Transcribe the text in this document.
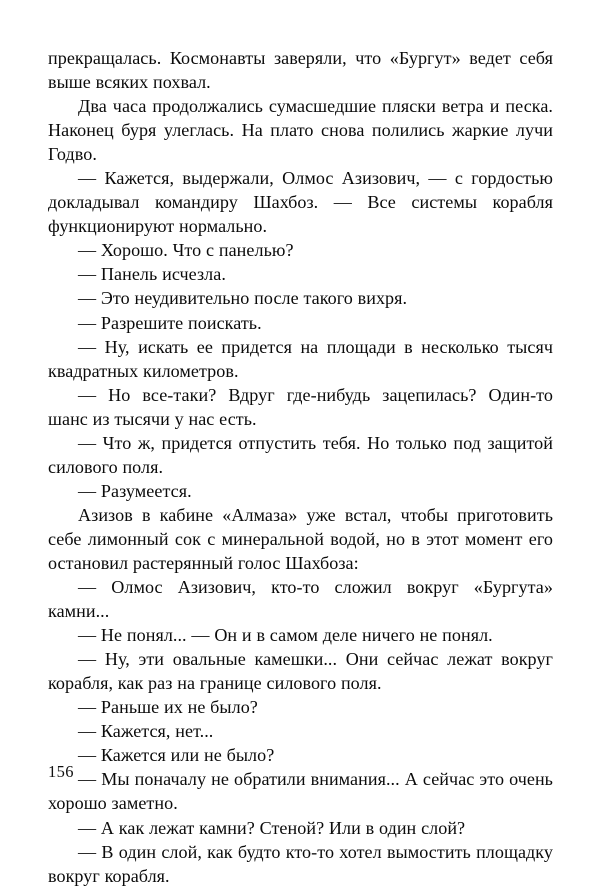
прекращалась. Космонавты заверяли, что «Бургут» ведет себя выше всяких похвал.

Два часа продолжались сумасшедшие пляски ветра и песка. Наконец буря улеглась. На плато снова полились жаркие лучи Годво.

— Кажется, выдержали, Олмос Азизович, — с гордостью докладывал командиру Шахбоз. — Все системы корабля функционируют нормально.

— Хорошо. Что с панелью?

— Панель исчезла.

— Это неудивительно после такого вихря.

— Разрешите поискать.

— Ну, искать ее придется на площади в несколько тысяч квадратных километров.

— Но все-таки? Вдруг где-нибудь зацепилась? Один-то шанс из тысячи у нас есть.

— Что ж, придется отпустить тебя. Но только под защитой силового поля.

— Разумеется.

Азизов в кабине «Алмаза» уже встал, чтобы приготовить себе лимонный сок с минеральной водой, но в этот момент его остановил растерянный голос Шахбоза:

— Олмос Азизович, кто-то сложил вокруг «Бургута» камни...

— Не понял... — Он и в самом деле ничего не понял.

— Ну, эти овальные камешки... Они сейчас лежат вокруг корабля, как раз на границе силового поля.

— Раньше их не было?

— Кажется, нет...

— Кажется или не было?

— Мы поначалу не обратили внимания... А сейчас это очень хорошо заметно.

— А как лежат камни? Стеной? Или в один слой?

— В один слой, как будто кто-то хотел вымостить площадку вокруг корабля.

156
